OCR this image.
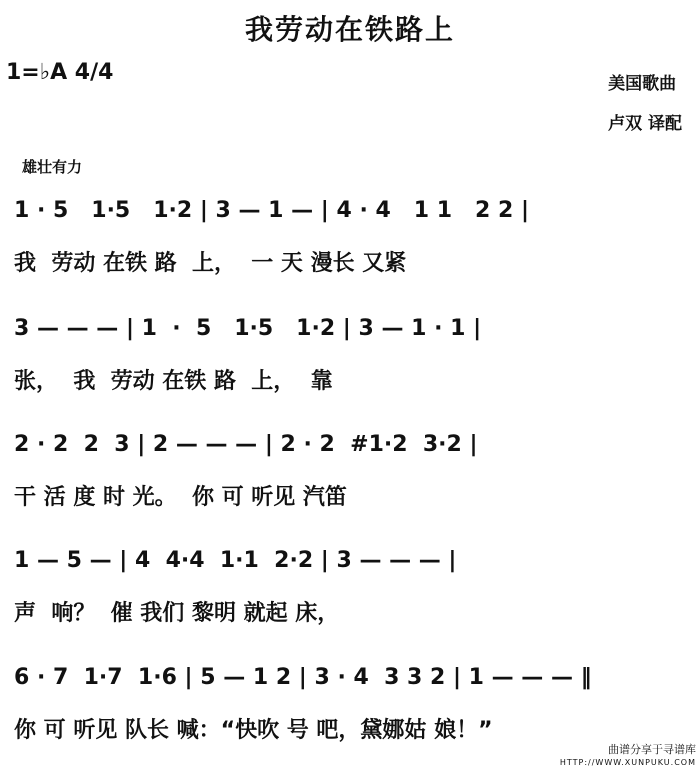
我劳动在铁路上
1=♭A 4/4	美国歌曲
卢双 译配
雄壮有力
1 · 5   1·5   1·2 | 3 — 1 — | 4 · 4   1 1   2 2 |
我  劳动 在铁 路  上，  一 天 漫长 又紧
3 — — — | 1  ·  5   1·5   1·2 | 3 — 1 · 1 |
张，  我  劳动 在铁 路  上，  靠
2 · 2  2  3 | 2 — — — | 2 · 2  #1·2  3·2 |
干 活 度 时 光。  你 可 听见 汽笛
1 — 5 — | 4  4·4  1·1  2·2 | 3 — — — |
声  响？  催 我们 黎明 就起 床，
6 · 7  1·7  1·6 | 5 — 1 2 | 3 · 4  3 3 2 | 1 — — — ‖
你 可 听见 队长 喊：“快吹 号 吧，黛娜姑 娘！”
曲谱分享于寻谱库
HTTP://WWW.XUNPUKU.COM
